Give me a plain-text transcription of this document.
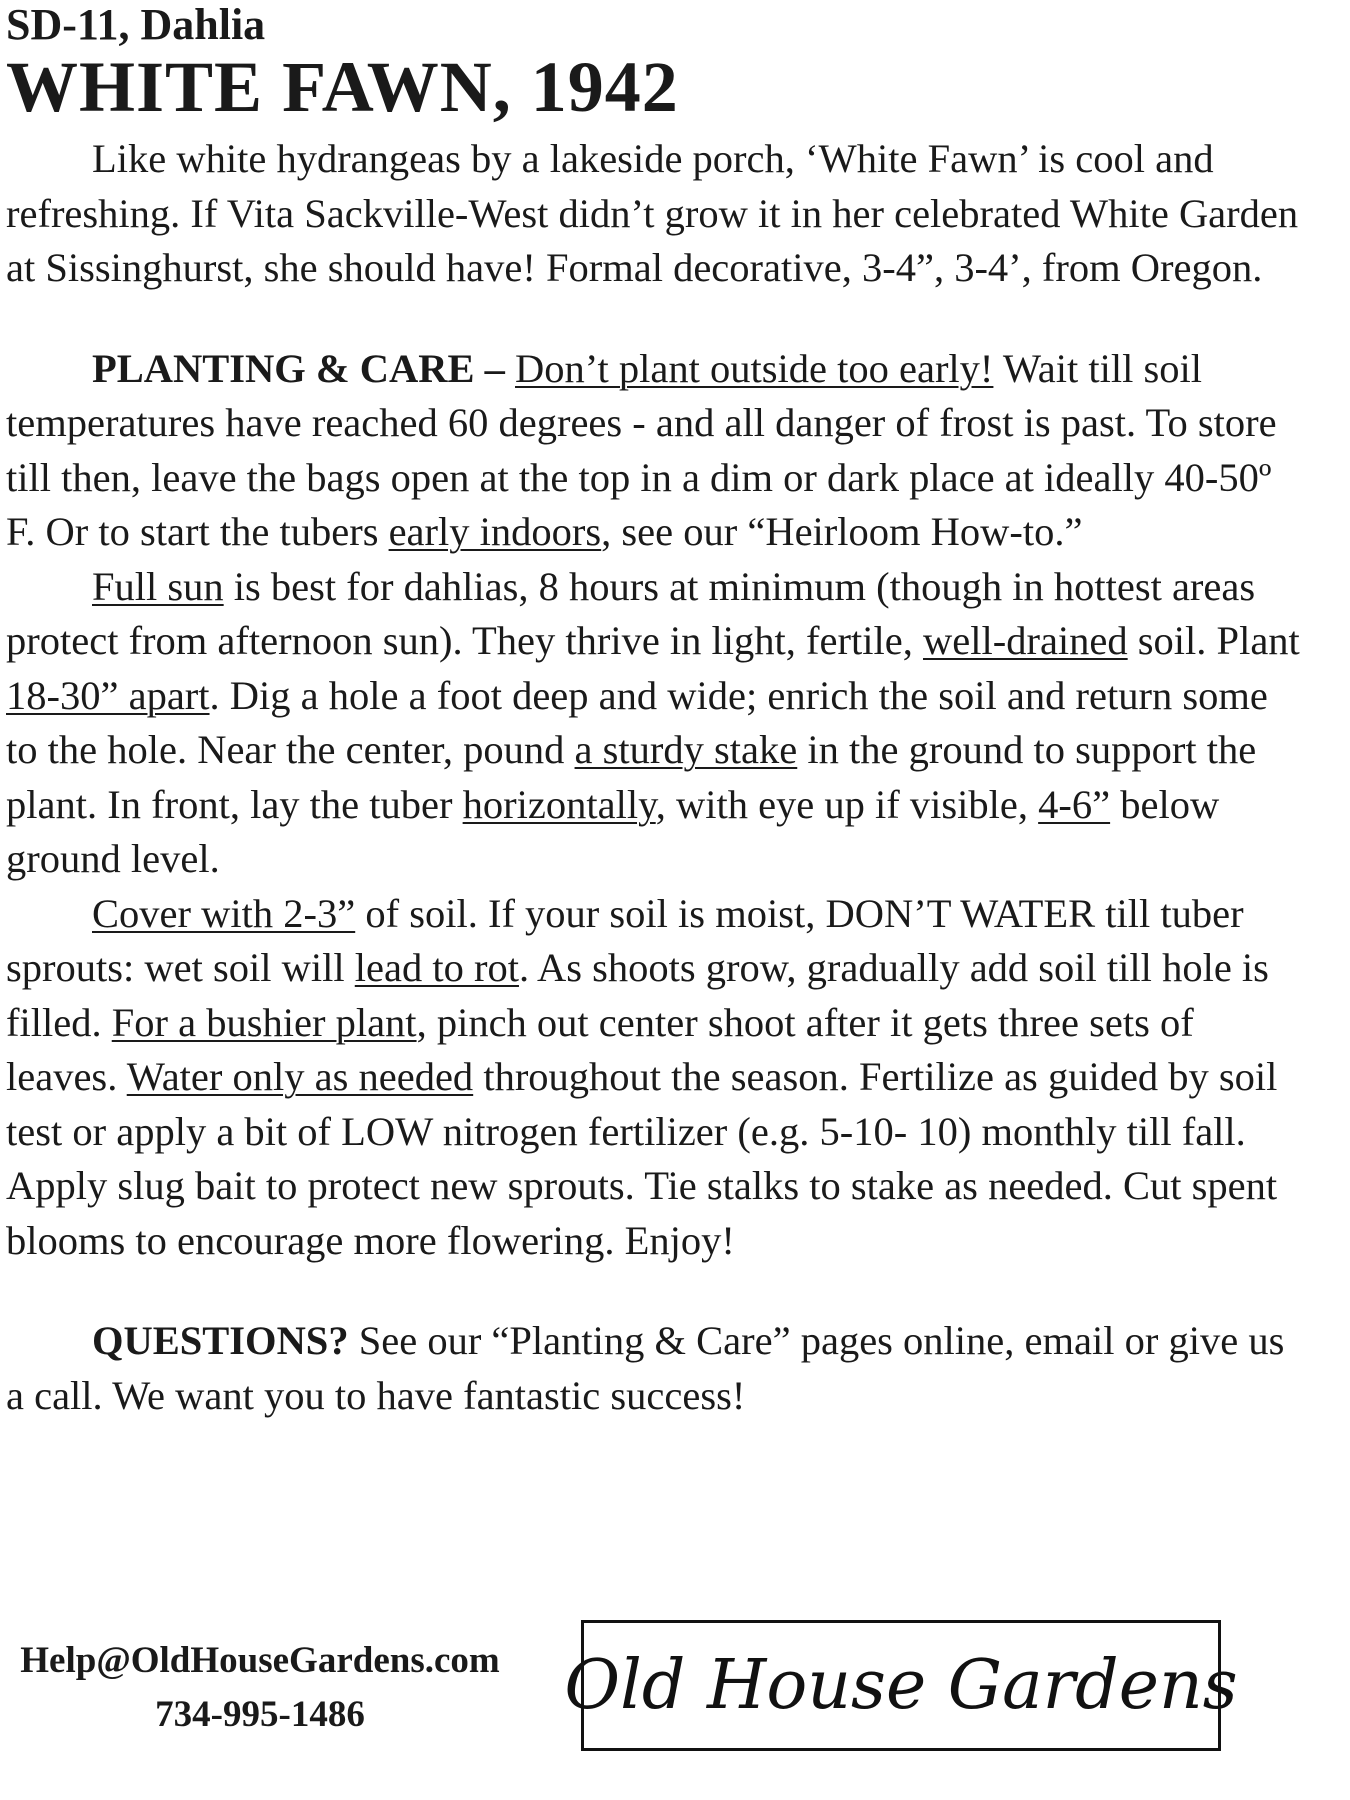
SD-11, Dahlia
WHITE FAWN, 1942

Like white hydrangeas by a lakeside porch, ‘White Fawn’ is cool and refreshing. If Vita Sackville-West didn’t grow it in her celebrated White Garden at Sissinghurst, she should have! Formal decorative, 3-4”, 3-4’, from Oregon.

PLANTING & CARE – Don’t plant outside too early! Wait till soil temperatures have reached 60 degrees - and all danger of frost is past. To store till then, leave the bags open at the top in a dim or dark place at ideally 40-50º F. Or to start the tubers early indoors, see our “Heirloom How-to.”

Full sun is best for dahlias, 8 hours at minimum (though in hottest areas protect from afternoon sun). They thrive in light, fertile, well-drained soil. Plant 18-30” apart. Dig a hole a foot deep and wide; enrich the soil and return some to the hole. Near the center, pound a sturdy stake in the ground to support the plant. In front, lay the tuber horizontally, with eye up if visible, 4-6” below ground level.

Cover with 2-3” of soil. If your soil is moist, DON’T WATER till tuber sprouts: wet soil will lead to rot. As shoots grow, gradually add soil till hole is filled. For a bushier plant, pinch out center shoot after it gets three sets of leaves. Water only as needed throughout the season. Fertilize as guided by soil test or apply a bit of LOW nitrogen fertilizer (e.g. 5-10- 10) monthly till fall. Apply slug bait to protect new sprouts. Tie stalks to stake as needed. Cut spent blooms to encourage more flowering. Enjoy!

QUESTIONS? See our “Planting & Care” pages online, email or give us a call. We want you to have fantastic success!

Help@OldHouseGardens.com
734-995-1486	Old House Gardens
